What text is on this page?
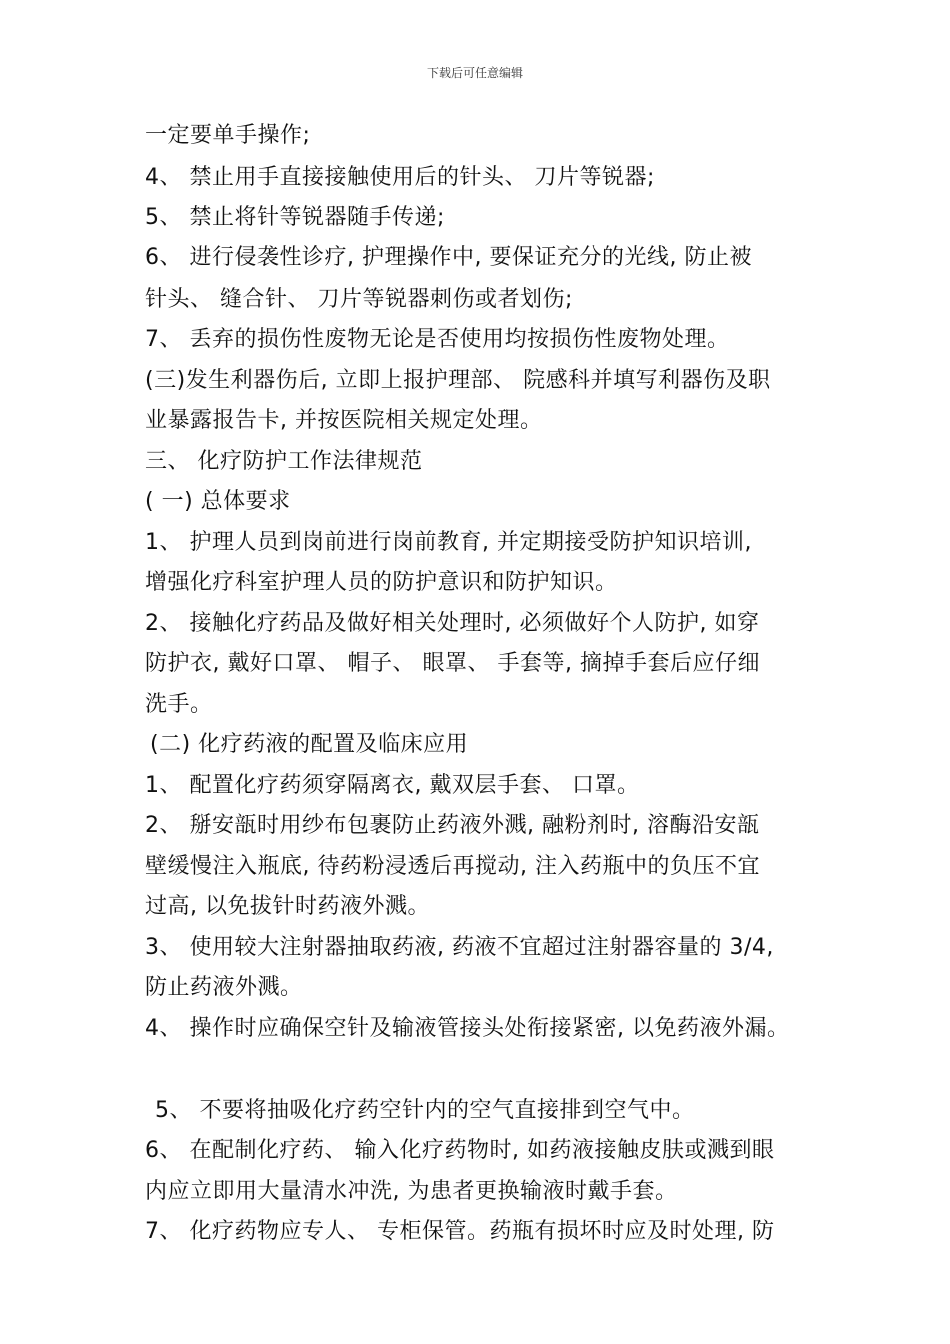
下载后可任意编辑
一定要单手操作;
4、 禁止用手直接接触使用后的针头、 刀片等锐器;
5、 禁止将针等锐器随手传递;
6、 进行侵袭性诊疗, 护理操作中, 要保证充分的光线, 防止被
针头、 缝合针、 刀片等锐器刺伤或者划伤;
7、 丢弃的损伤性废物无论是否使用均按损伤性废物处理。
(三)发生利器伤后, 立即上报护理部、 院感科并填写利器伤及职
业暴露报告卡, 并按医院相关规定处理。
三、 化疗防护工作法律规范
( 一) 总体要求
1、 护理人员到岗前进行岗前教育, 并定期接受防护知识培训,
增强化疗科室护理人员的防护意识和防护知识。
2、 接触化疗药品及做好相关处理时, 必须做好个人防护, 如穿
防护衣, 戴好口罩、 帽子、 眼罩、 手套等, 摘掉手套后应仔细
洗手。
(二) 化疗药液的配置及临床应用
1、 配置化疗药须穿隔离衣, 戴双层手套、 口罩。
2、 掰安瓿时用纱布包裹防止药液外溅, 融粉剂时, 溶酶沿安瓿
壁缓慢注入瓶底, 待药粉浸透后再搅动, 注入药瓶中的负压不宜
过高, 以免拔针时药液外溅。
3、 使用较大注射器抽取药液, 药液不宜超过注射器容量的 3/4,
防止药液外溅。
4、 操作时应确保空针及输液管接头处衔接紧密, 以免药液外漏。
5、 不要将抽吸化疗药空针内的空气直接排到空气中。
6、 在配制化疗药、 输入化疗药物时, 如药液接触皮肤或溅到眼
内应立即用大量清水冲洗, 为患者更换输液时戴手套。
7、 化疗药物应专人、 专柜保管。药瓶有损坏时应及时处理, 防
